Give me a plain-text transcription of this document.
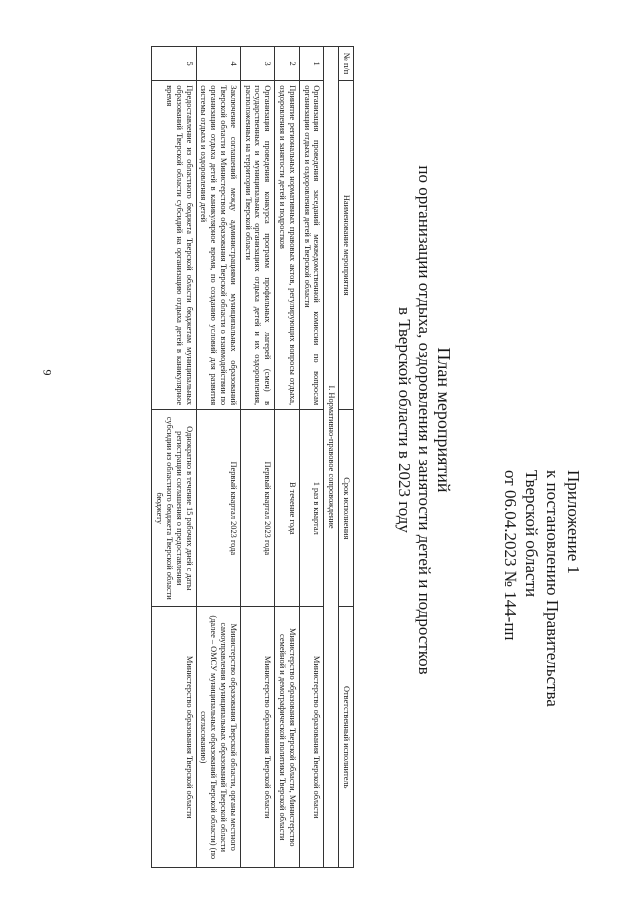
9
Приложение 1
к постановлению Правительства
Тверской области
от 06.04.2023 № 144-пп
План мероприятий
по организации отдыха, оздоровления и занятости детей и подростков
в Тверской области в 2023 году
№ п/п	Наименование мероприятия	Срок исполнения	Ответственный исполнитель
I. Нормативно-правовое сопровождение			
1	Организация проведения заседаний межведомственной комиссии по вопросам организации отдыха и оздоровления детей в Тверской области	1 раз в квартал	Министерство образования Тверской области
2	Принятие региональных нормативных правовых актов, регулирующих вопросы отдыха, оздоровления и занятости детей и подростков	В течение года	Министерство образования Тверской области, Министерство семейной и демографической политики Тверской области
3	Организация проведения конкурса программ профильных лагерей (смен) в государственных и муниципальных организациях отдыха детей и их оздоровления, расположенных на территории Тверской области	Первый квартал 2023 года	Министерство образования Тверской области
4	Заключение соглашений между администрациями муниципальных образований Тверской области и Министерством образования Тверской области о взаимодействии по организации отдыха детей в каникулярное время, по созданию условий для развития системы отдыха и оздоровления детей	Первый квартал 2023 года	Министерство образования Тверской области, органы местного самоуправления муниципальных образований Тверской области (далее – ОМСУ муниципальных образований Тверской области) (по согласованию)
5	Предоставление из областного бюджета Тверской области бюджетам муниципальных образований Тверской области субсидий на организацию отдыха детей в каникулярное время	Однократно в течение 15 рабочих дней с даты регистрации соглашения о предоставлении субсидии из областного бюджета Тверской области бюджету	Министерство образования Тверской области
